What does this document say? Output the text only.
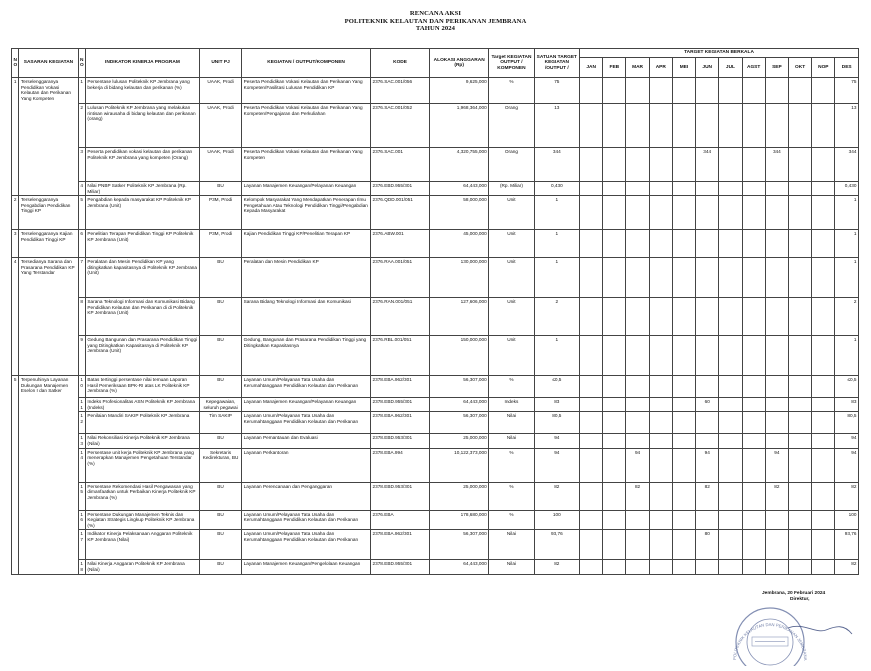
RENCANA AKSI
POLITEKNIK KELAUTAN DAN PERIKANAN JEMBRANA
TAHUN 2024
NO	SASARAN KEGIATAN	NO	INDIKATOR KINERJA PROGRAM	UNIT PJ	KEGIATAN / OUTPUT/KOMPONEN	KODE	ALOKASI ANGGARAN (Rp)	Target KEGIATAN OUTPUT / KOMPONEN	SATUAN TARGET KEGIATAN /OUTPUT /	TARGET KEGIATAN BERKALA											
										JAN	FEB	MAR	APR	MEI	JUN	JUL	AGST	SEP	OKT	NOP	DES
1	Terselenggaranya Pendidikan Vokasi Kelautan dan Perikanan Yang Kompeten	1	Persentase lulusan Politeknik KP Jembrana yang bekerja di bidang kelautan dan perikanan (%)	UAAK, Prodi	Peserta Pendidikan Vokasi Kelautan dan Perikanan Yang Kompeten/Fasilitasi Lulusan Pendidikan KP	2376.SAC.001/056	9,625,000	%	75												75
		2	Lulusan Politeknik KP Jembrana yang melakukan rintisan wirausaha di bidang kelautan dan perikanan (orang)	UAAK, Prodi	Peserta Pendidikan Vokasi Kelautan dan Perikanan Yang Kompeten/Pengajaran dan Perkuliahan	2376.SAC.001/052	1,968,364,000	Orang	13												13
		3	Peserta pendidikan vokasi kelautan dan perikanan Politeknik KP Jembrana yang kompeten (Orang)	UAAK, Prodi	Peserta Pendidikan Vokasi Kelautan dan Perikanan Yang Kompeten	2376.SAC.001	4,320,755,000	Orang	344						344			344			344
		4	Nilai PNBP Satker Politeknik KP Jembrana (Rp. Miliar)	BU	Layanan Manajemen Keuangan/Pelayanan Keuangan	2376.EBD.955/301	64,443,000	(Rp. Miliar)	0,430												0,430
2	Terselenggaranya Pengabdian Pendidikan Tinggi KP	5	Pengabdian kepada masyarakat KP Politeknik KP Jembrana (Unit)	P3M, Prodi	Kelompok Masyarakat Yang Mendapatkan Penerapan Ilmu Pengetahuan Atau Teknologi Pendidikan Tinggi/Pengabdian Kepada Masyarakat	2376.QDD.001/051	58,000,000	Unit	1												1
3	Terselenggaranya Kajian Pendidikan Tinggi KP	6	Penelitian Terapan Pendidikan Tinggi KP Politeknik KP Jembrana (Unit)	P3M, Prodi	Kajian Pendidikan Tinggi KP/Penelitian Terapan KP	2376.ABW.001	45,000,000	Unit	1												1
4	Tersedianya Sarana dan Prasarana Pendidikan KP Yang Terstandar	7	Peralatan dan Mesin Pendidikan KP yang ditingkatkan kapasitasnya di Politeknik KP Jembrana (Unit)	BU	Peralatan dan Mesin Pendidikan KP	2376.RAA.001/051	130,000,000	Unit	1												1
		8	Sarana Teknologi Informasi dan Komunikasi Bidang Pendidikan Kelautan dan Perikanan di di Politeknik KP Jembrana (Unit)	BU	Sarana Bidang Teknologi Informasi dan Komunikasi	2376.RAN.001/051	127,606,000	Unit	2												2
		9	Gedung Bangunan dan Prasarana Pendidikan Tinggi yang Ditingkatkan Kapasitasnya di Politeknik KP Jembrana (Unit)	BU	Gedung, Bangunan dan Prasarana Pendidikan Tinggi yang Ditingkatkan Kapasitasnya	2376.RBL.001/051	150,000,000	Unit	1												1
5	Terpenuhinya Layanan Dukungan Manajemen Eselon I dan Satker	10	Batas tertinggi persentase nilai temuan Laporan Hasil Pemeriksaan BPK-RI atas LK Politeknik KP Jembrana (%)	BU	Layanan Umum/Pelayanan Tata Usaha dan Kerumahtanggaan Pendidikan Kelautan dan Perikanan	2378.EBA.962/301	56,307,000	%	≤0,5												≤0,5
		11	Indeks Profesionalitas ASN Politeknik KP Jembrana (Indeks)	Kepegawaian, seluruh pegawai	Layanan Manajemen Keuangan/Pelayanan Keuangan	2378.EBD.955/301	64,443,000	Indeks	83						60						83
		12	Penilaian Mandiri SAKIP Politeknik KP Jembrana	Tim SAKIP	Layanan Umum/Pelayanan Tata Usaha dan Kerumahtanggaan Pendidikan Kelautan dan Perikanan	2378.EBA.962/301	56,307,000	Nilai	80,5												80,5
		13	Nilai Rekonsiliasi Kinerja Politeknik KP Jembrana (Nilai)	BU	Layanan Pemantauan dan Evaluasi	2378.EBD.953/301	25,000,000	Nilai	94												94
		14	Persentase unit kerja Politeknik KP Jembrana yang menerapkan Manajemen Pengetahuan Terstandar (%)	Sekretaris Kedirekturan, BU	Layanan Perkantoran	2378.EBA.994	10,122,373,000	%	94			94			94			94			94
		15	Persentase Rekomendasi Hasil Pengawasan yang dimanfaatkan untuk Perbaikan Kinerja Politeknik KP Jembrana (%)	BU	Layanan Perencanaan dan Penganggaran	2378.EBD.953/301	25,000,000	%	82			82			82			82			82
		16	Persentase Dukungan Manajemen Teknis dan Kegiatan Strategis Lingkup Politeknik KP Jembrana (%)	BU	Layanan Umum/Pelayanan Tata Usaha dan Kerumahtanggaan Pendidikan Kelautan dan Perikanan	2376.EBA	178,680,000	%	100												100
		17	Indikator Kinerja Pelaksanaan Anggaran Politeknik KP Jembrana (Nilai)	BU	Layanan Umum/Pelayanan Tata Usaha dan Kerumahtanggaan Pendidikan Kelautan dan Perikanan	2378.EBA.962/301	56,307,000	Nilai	93,76						80						93,76
		18	Nilai Kinerja Anggaran Politeknik KP Jembrana (Nilai)	BU	Layanan Manajemen Keuangan/Pengelolaan Keuangan	2378.EBD.955/301	64,443,000	Nilai	82												82
Jembrana, 20 Februari 2024
Direktur,
POLITEKNIK KELAUTAN DAN PERIKANAN JEMBRANA
